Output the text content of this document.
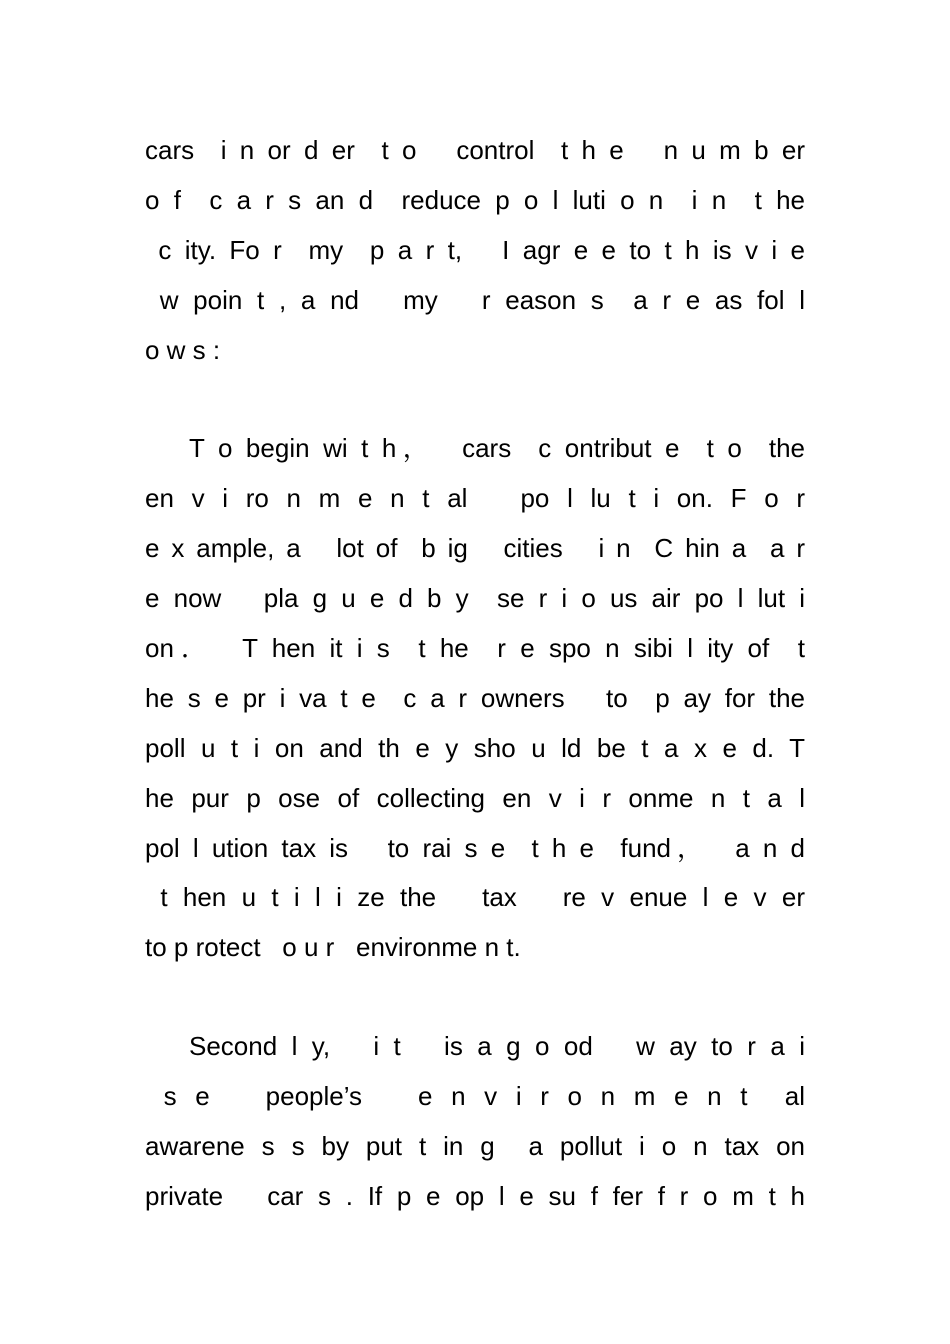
cars  i n or d er  t o   control  t h e   n u m b er
o f  c a r s an d  reduce p o l luti o n  i n  t he
c ity. Fo r  my  p a r t,   I agr e e to t h is v i e
w poin t , a nd   my   r eason s  a r e as fol l
o w s :
T o begin wi t h，  cars  c ontribut e  t o  the
en v i ro n m e n t al   po l lu t i on. F o r
e x ample, a   lot of  b ig   cities   i n  C hin a  a r
e now   pla g u e d b y  se r i o us air po l lut i
on．  T hen it i s  t he  r e spo n sibi l ity of  t
he s e pr i va t e  c a r owners   to  p ay for the
poll u t i on and th e y sho u ld be t a x e d. T
he pur p ose of collecting en v i r onme n t a l
pol l ution tax is   to rai s e  t h e  fund，  a n d
t hen u t i l i ze the   tax   re v enue l e v er
to p rotect   o u r   environme n t.
Second l y,   i t   is a g o od   w ay to r a i
s e   people’s   e n v i r o n m e n t  al
awarene s s by put t in g  a pollut i o n tax on
private   car s . If p e op l e su f fer f r o m t h
